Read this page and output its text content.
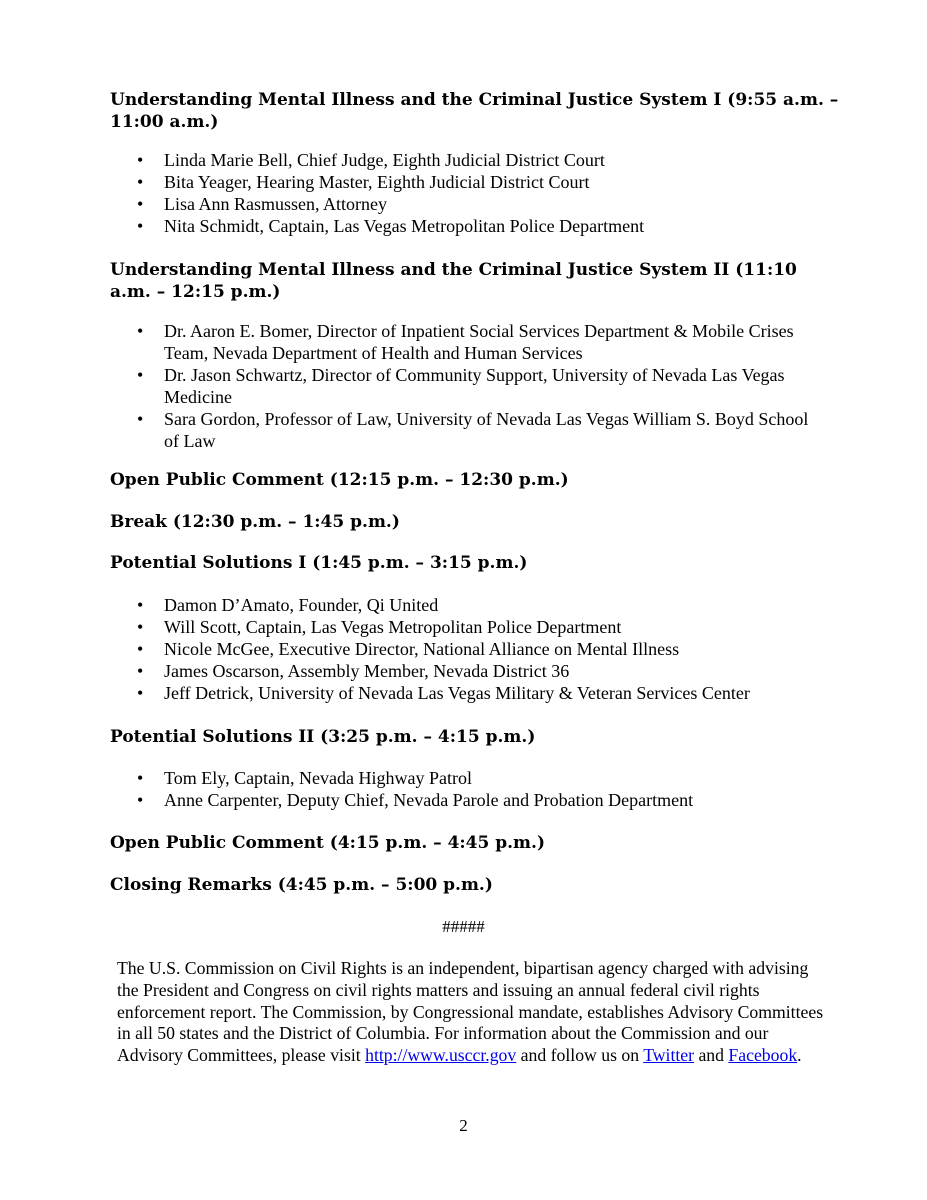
Understanding Mental Illness and the Criminal Justice System I (9:55 a.m. – 11:00 a.m.)
•	Linda Marie Bell, Chief Judge, Eighth Judicial District Court
•	Bita Yeager, Hearing Master, Eighth Judicial District Court
•	Lisa Ann Rasmussen, Attorney
•	Nita Schmidt, Captain, Las Vegas Metropolitan Police Department
Understanding Mental Illness and the Criminal Justice System II (11:10 a.m. – 12:15 p.m.)
•	Dr. Aaron E. Bomer, Director of Inpatient Social Services Department & Mobile Crises Team, Nevada Department of Health and Human Services
•	Dr. Jason Schwartz, Director of Community Support, University of Nevada Las Vegas Medicine
•	Sara Gordon, Professor of Law, University of Nevada Las Vegas William S. Boyd School of Law
Open Public Comment (12:15 p.m. – 12:30 p.m.)
Break (12:30 p.m. – 1:45 p.m.)
Potential Solutions I (1:45 p.m. – 3:15 p.m.)
•	Damon D’Amato, Founder, Qi United
•	Will Scott, Captain, Las Vegas Metropolitan Police Department
•	Nicole McGee, Executive Director, National Alliance on Mental Illness
•	James Oscarson, Assembly Member, Nevada District 36
•	Jeff Detrick, University of Nevada Las Vegas Military & Veteran Services Center
Potential Solutions II (3:25 p.m. – 4:15 p.m.)
•	Tom Ely, Captain, Nevada Highway Patrol
•	Anne Carpenter, Deputy Chief, Nevada Parole and Probation Department
Open Public Comment (4:15 p.m. – 4:45 p.m.)
Closing Remarks (4:45 p.m. – 5:00 p.m.)
#####

The U.S. Commission on Civil Rights is an independent, bipartisan agency charged with advising the President and Congress on civil rights matters and issuing an annual federal civil rights enforcement report. The Commission, by Congressional mandate, establishes Advisory Committees in all 50 states and the District of Columbia. For information about the Commission and our Advisory Committees, please visit http://www.usccr.gov and follow us on Twitter and Facebook.

2
